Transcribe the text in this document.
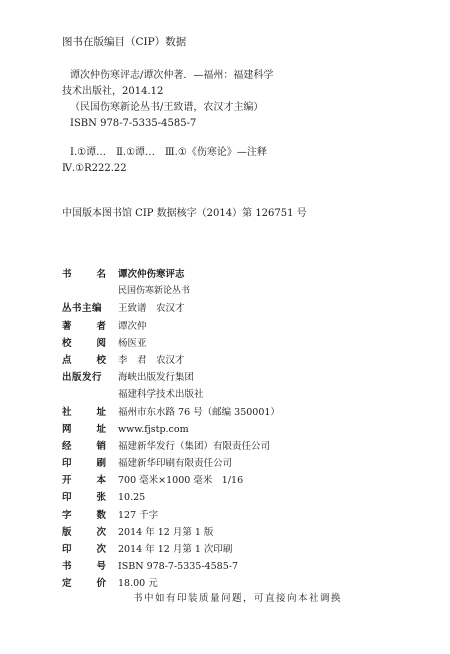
图书在版编目（CIP）数据
谭次仲伤寒评志/谭次仲著．—福州：福建科学
技术出版社，2014.12
（民国伤寒新论丛书/王致谱，农汉才主编）
ISBN 978-7-5335-4585-7
Ⅰ.①谭…　Ⅱ.①谭…　Ⅲ.①《伤寒论》—注释
Ⅳ.①R222.22
中国版本图书馆 CIP 数据核字（2014）第 126751 号
书	名 谭次仲伤寒评志
民国伤寒新论丛书
丛书主编	王致谱　农汉才
著	者 谭次仲
校	阅 杨医亚
点	校 李　君　农汉才
出版发行	海峡出版发行集团
福建科学技术出版社
社	址 福州市东水路 76 号（邮编 350001）
网	址 www.fjstp.com
经	销 福建新华发行（集团）有限责任公司
印	刷 福建新华印刷有限责任公司
开	本 700 毫米×1000 毫米　1/16
印	张 10.25
字	数 127 千字
版	次 2014 年 12 月第 1 版
印	次 2014 年 12 月第 1 次印刷
书	号 ISBN 978-7-5335-4585-7
定	价 18.00 元
书中如有印装质量问题，可直接向本社调换
